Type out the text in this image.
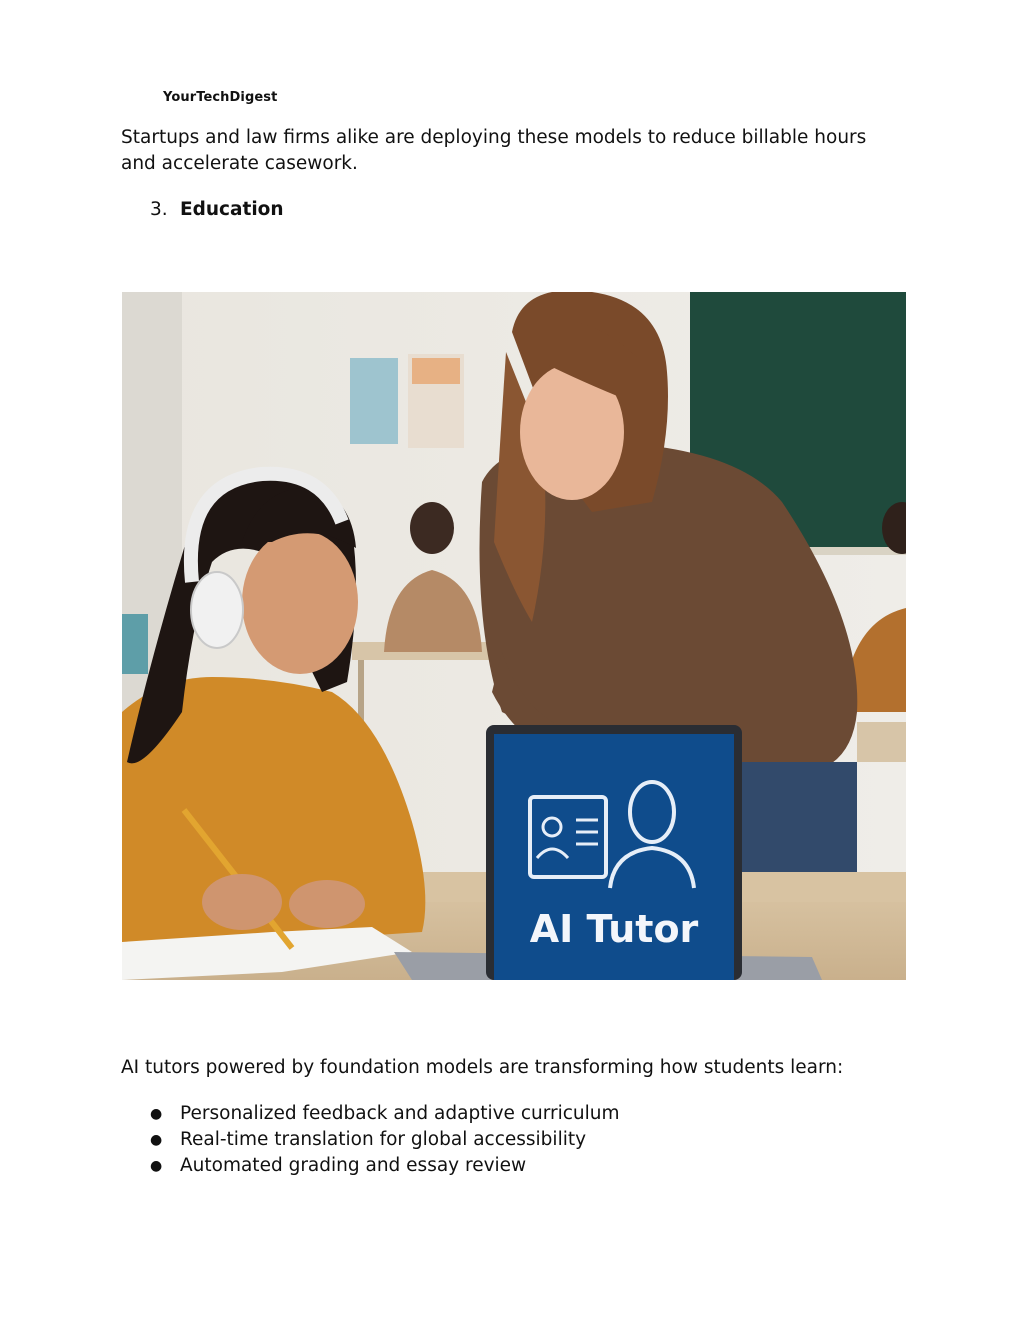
YourTechDigest

Startups and law firms alike are deploying these models to reduce billable hours and accelerate casework.

3. Education
AI Tutor

AI tutors powered by foundation models are transforming how students learn:

● Personalized feedback and adaptive curriculum
● Real-time translation for global accessibility
● Automated grading and essay review
